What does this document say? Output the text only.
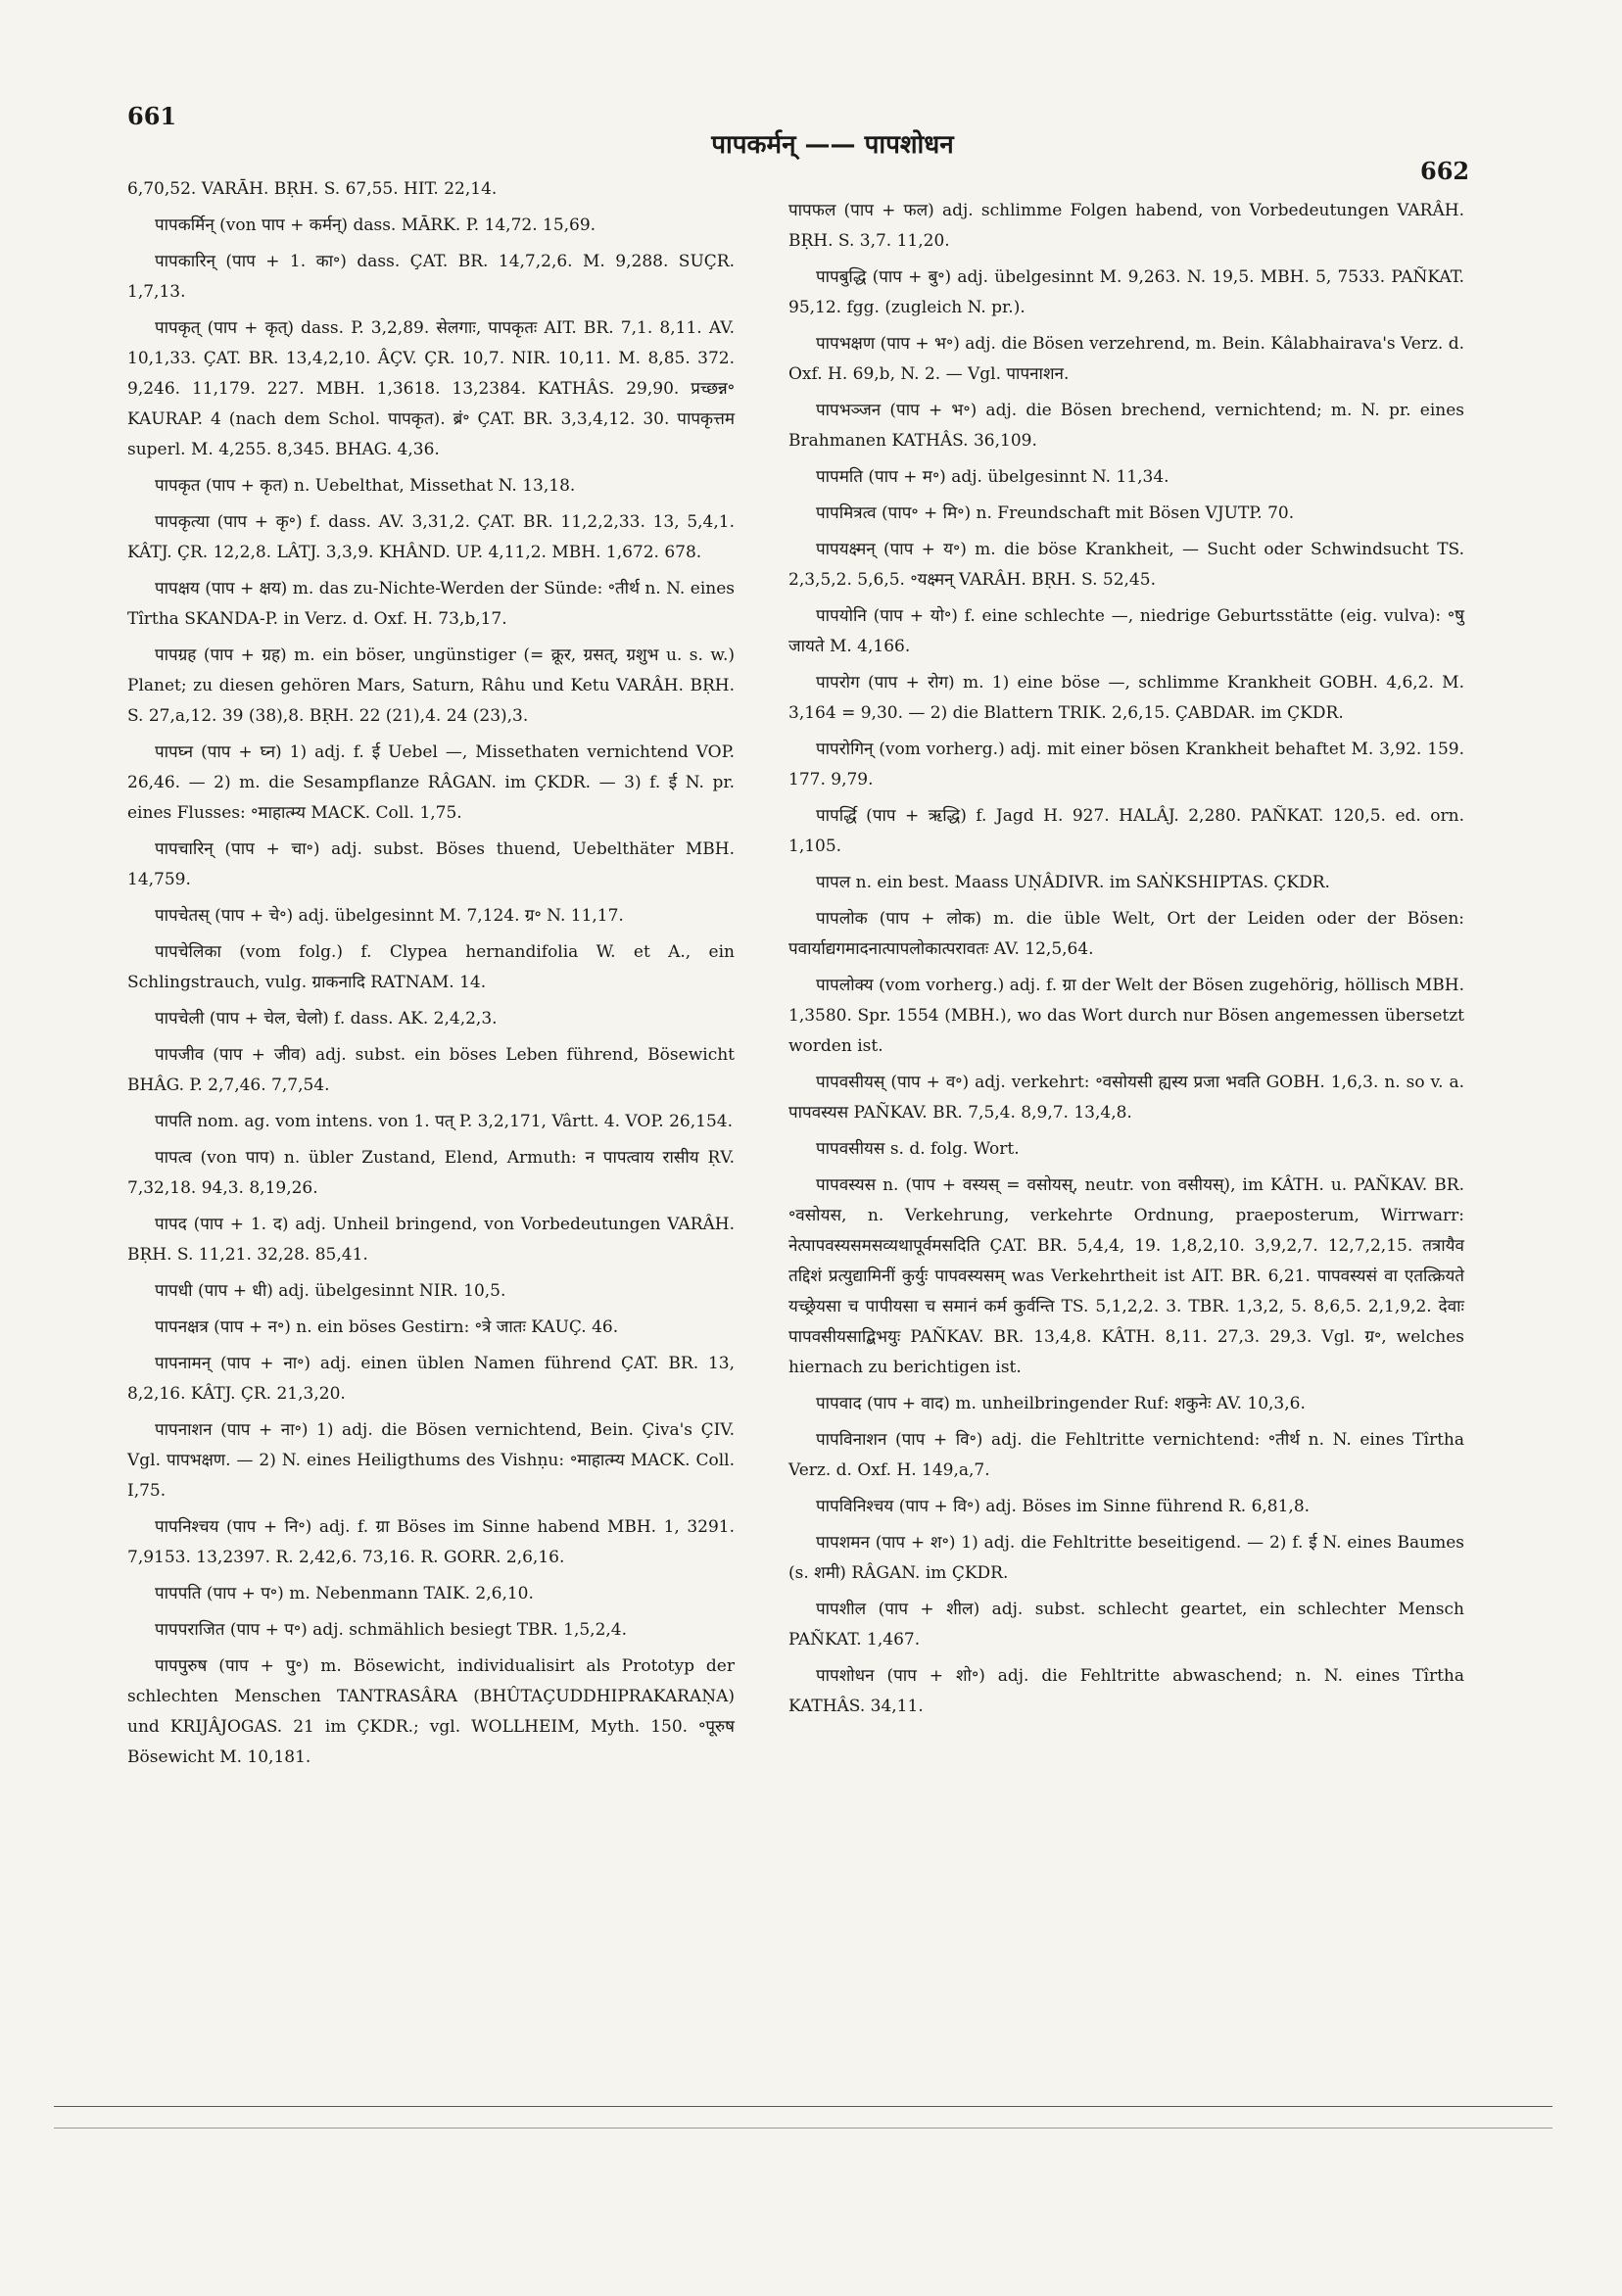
661
पापकर्मन् —— पापशोधन
662

6,70,52. VARĀH. BṚH. S. 67,55. HIT. 22,14.

पापकर्मिन् (von पाप + कर्मन्) dass. MĀRK. P. 14,72. 15,69.

पापकारिन् (पाप + 1. का॰) dass. ÇAT. BR. 14,7,2,6. M. 9,288. SUÇR. 1,7,13.

पापकृत् (पाप + कृत्) dass. P. 3,2,89. सेलगाः, पापकृतः AIT. BR. 7,1. 8,11. AV. 10,1,33. ÇAT. BR. 13,4,2,10. ÂÇV. ÇR. 10,7. NIR. 10,11. M. 8,85. 372. 9,246. 11,179. 227. MBH. 1,3618. 13,2384. KATHÂS. 29,90. प्रच्छन्न॰ KAURAP. 4 (nach dem Schol. पापकृत). ब्रं॰ ÇAT. BR. 3,3,4,12. 30. पापकृत्तम superl. M. 4,255. 8,345. BHAG. 4,36.

पापकृत (पाप + कृत) n. Uebelthat, Missethat N. 13,18.

पापकृत्या (पाप + कृ॰) f. dass. AV. 3,31,2. ÇAT. BR. 11,2,2,33. 13, 5,4,1. KÂTJ. ÇR. 12,2,8. LÂTJ. 3,3,9. KHÂND. UP. 4,11,2. MBH. 1,672. 678.

पापक्षय (पाप + क्षय) m. das zu-Nichte-Werden der Sünde: ॰तीर्थ n. N. eines Tîrtha SKANDA-P. in Verz. d. Oxf. H. 73,b,17.

पापग्रह (पाप + ग्रह) m. ein böser, ungünstiger (= क्रूर, ग्रसत्, ग्रशुभ u. s. w.) Planet; zu diesen gehören Mars, Saturn, Râhu und Ketu VARÂH. BṚH. S. 27,a,12. 39 (38),8. BṚH. 22 (21),4. 24 (23),3.

पापघ्न (पाप + घ्न) 1) adj. f. ई Uebel —, Missethaten vernichtend VOP. 26,46. — 2) m. die Sesampflanze RÂGAN. im ÇKDR. — 3) f. ई N. pr. eines Flusses: ॰माहात्म्य MACK. Coll. 1,75.

पापचारिन् (पाप + चा॰) adj. subst. Böses thuend, Uebelthäter MBH. 14,759.

पापचेतस् (पाप + चे॰) adj. übelgesinnt M. 7,124. ग्र॰ N. 11,17.

पापचेलिका (vom folg.) f. Clypea hernandifolia W. et A., ein Schlingstrauch, vulg. ग्राकनादि RATNAM. 14.

पापचेली (पाप + चेल, चेलो) f. dass. AK. 2,4,2,3.

पापजीव (पाप + जीव) adj. subst. ein böses Leben führend, Bösewicht BHÂG. P. 2,7,46. 7,7,54.

पापति nom. ag. vom intens. von 1. पत् P. 3,2,171, Vârtt. 4. VOP. 26,154.

पापत्व (von पाप) n. übler Zustand, Elend, Armuth: न पापत्वाय रासीय ṚV. 7,32,18. 94,3. 8,19,26.

पापद (पाप + 1. द) adj. Unheil bringend, von Vorbedeutungen VARÂH. BṚH. S. 11,21. 32,28. 85,41.

पापधी (पाप + धी) adj. übelgesinnt NIR. 10,5.

पापनक्षत्र (पाप + न॰) n. ein böses Gestirn: ॰त्रे जातः KAUÇ. 46.

पापनामन् (पाप + ना॰) adj. einen üblen Namen führend ÇAT. BR. 13, 8,2,16. KÂTJ. ÇR. 21,3,20.

पापनाशन (पाप + ना॰) 1) adj. die Bösen vernichtend, Bein. Çiva's ÇIV. Vgl. पापभक्षण. — 2) N. eines Heiligthums des Vishṇu: ॰माहात्म्य MACK. Coll. I,75.

पापनिश्चय (पाप + नि॰) adj. f. ग्रा Böses im Sinne habend MBH. 1, 3291. 7,9153. 13,2397. R. 2,42,6. 73,16. R. GORR. 2,6,16.

पापपति (पाप + प॰) m. Nebenmann TAIK. 2,6,10.

पापपराजित (पाप + प॰) adj. schmählich besiegt TBR. 1,5,2,4.

पापपुरुष (पाप + पु॰) m. Bösewicht, individualisirt als Prototyp der schlechten Menschen TANTRASÂRA (BHÛTAÇUDDHIPRAKARAṆA) und KRIJÂJOGAS. 21 im ÇKDR.; vgl. WOLLHEIM, Myth. 150. ॰पूरुष Bösewicht M. 10,181.

पापफल (पाप + फल) adj. schlimme Folgen habend, von Vorbedeutungen VARÂH. BṚH. S. 3,7. 11,20.

पापबुद्धि (पाप + बु॰) adj. übelgesinnt M. 9,263. N. 19,5. MBH. 5, 7533. PAÑKAT. 95,12. fgg. (zugleich N. pr.).

पापभक्षण (पाप + भ॰) adj. die Bösen verzehrend, m. Bein. Kâlabhairava's Verz. d. Oxf. H. 69,b, N. 2. — Vgl. पापनाशन.

पापभञ्जन (पाप + भ॰) adj. die Bösen brechend, vernichtend; m. N. pr. eines Brahmanen KATHÂS. 36,109.

पापमति (पाप + म॰) adj. übelgesinnt N. 11,34.

पापमित्रत्व (पाप॰ + मि॰) n. Freundschaft mit Bösen VJUTP. 70.

पापयक्ष्मन् (पाप + य॰) m. die böse Krankheit, — Sucht oder Schwindsucht TS. 2,3,5,2. 5,6,5. ॰यक्ष्मन् VARÂH. BṚH. S. 52,45.

पापयोनि (पाप + यो॰) f. eine schlechte —, niedrige Geburtsstätte (eig. vulva): ॰षु जायते M. 4,166.

पापरोग (पाप + रोग) m. 1) eine böse —, schlimme Krankheit GOBH. 4,6,2. M. 3,164 = 9,30. — 2) die Blattern TRIK. 2,6,15. ÇABDAR. im ÇKDR.

पापरोगिन् (vom vorherg.) adj. mit einer bösen Krankheit behaftet M. 3,92. 159. 177. 9,79.

पापर्द्धि (पाप + ऋद्धि) f. Jagd H. 927. HALÂJ. 2,280. PAÑKAT. 120,5. ed. orn. 1,105.

पापल n. ein best. Maass UṆÂDIVR. im SAṄKSHIPTAS. ÇKDR.

पापलोक (पाप + लोक) m. die üble Welt, Ort der Leiden oder der Bösen: पवार्याद्यगमादनात्पापलोकात्परावतः AV. 12,5,64.

पापलोक्य (vom vorherg.) adj. f. ग्रा der Welt der Bösen zugehörig, höllisch MBH. 1,3580. Spr. 1554 (MBH.), wo das Wort durch nur Bösen angemessen übersetzt worden ist.

पापवसीयस् (पाप + व॰) adj. verkehrt: ॰वसोयसी ह्यस्य प्रजा भवति GOBH. 1,6,3. n. so v. a. पापवस्यस PAÑKAV. BR. 7,5,4. 8,9,7. 13,4,8.

पापवसीयस s. d. folg. Wort.

पापवस्यस n. (पाप + वस्यस् = वसोयस्, neutr. von वसीयस्), im KÂTH. u. PAÑKAV. BR. ॰वसोयस, n. Verkehrung, verkehrte Ordnung, praeposterum, Wirrwarr: नेत्पापवस्यसमसव्यथापूर्वमसदिति ÇAT. BR. 5,4,4, 19. 1,8,2,10. 3,9,2,7. 12,7,2,15. तत्रायैव तद्दिशं प्रत्युद्यामिनीं कुर्युः पापवस्यसम् was Verkehrtheit ist AIT. BR. 6,21. पापवस्यसं वा एतत्क्रियते यच्छ्रेयसा च पापीयसा च समानं कर्म कुर्वन्ति TS. 5,1,2,2. 3. TBR. 1,3,2, 5. 8,6,5. 2,1,9,2. देवाः पापवसीयसाद्बिभयुः PAÑKAV. BR. 13,4,8. KÂTH. 8,11. 27,3. 29,3. Vgl. ग्र॰, welches hiernach zu berichtigen ist.

पापवाद (पाप + वाद) m. unheilbringender Ruf: शकुनेः AV. 10,3,6.

पापविनाशन (पाप + वि॰) adj. die Fehltritte vernichtend: ॰तीर्थ n. N. eines Tîrtha Verz. d. Oxf. H. 149,a,7.

पापविनिश्चय (पाप + वि॰) adj. Böses im Sinne führend R. 6,81,8.

पापशमन (पाप + श॰) 1) adj. die Fehltritte beseitigend. — 2) f. ई N. eines Baumes (s. शमी) RÂGAN. im ÇKDR.

पापशील (पाप + शील) adj. subst. schlecht geartet, ein schlechter Mensch PAÑKAT. 1,467.

पापशोधन (पाप + शो॰) adj. die Fehltritte abwaschend; n. N. eines Tîrtha KATHÂS. 34,11.
